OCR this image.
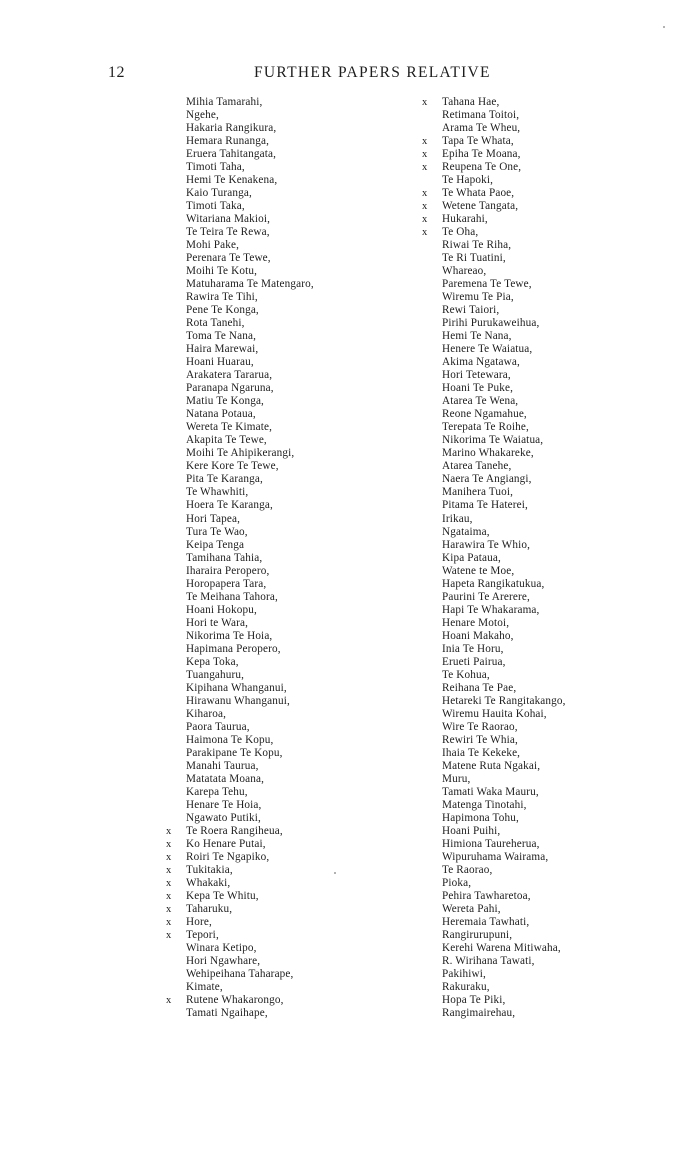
12	FURTHER PAPERS RELATIVE
Mihia Tamarahi,
Ngehe,
Hakaria Rangikura,
Hemara Runanga,
Eruera Tahitangata,
Timoti Taha,
Hemi Te Kenakena,
Kaio Turanga,
Timoti Taka,
Witariana Makioi,
Te Teira Te Rewa,
Mohi Pake,
Perenara Te Tewe,
Moihi Te Kotu,
Matuharama Te Matengaro,
Rawira Te Tihi,
Pene Te Konga,
Rota Tanehi,
Toma Te Nana,
Haira Marewai,
Hoani Huarau,
Arakatera Tararua,
Paranapa Ngaruna,
Matiu Te Konga,
Natana Potaua,
Wereta Te Kimate,
Akapita Te Tewe,
Moihi Te Ahipikerangi,
Kere Kore Te Tewe,
Pita Te Karanga,
Te Whawhiti,
Hoera Te Karanga,
Hori Tapea,
Tura Te Wao,
Keipa Tenga
Tamihana Tahia,
Iharaira Peropero,
Horopapera Tara,
Te Meihana Tahora,
Hoani Hokopu,
Hori te Wara,
Nikorima Te Hoia,
Hapimana Peropero,
Kepa Toka,
Tuangahuru,
Kipihana Whanganui,
Hirawanu Whanganui,
Kiharoa,
Paora Taurua,
Haimona Te Kopu,
Parakipane Te Kopu,
Manahi Taurua,
Matatata Moana,
Karepa Tehu,
Henare Te Hoia,
Ngawato Putiki,
x	Te Roera Rangiheua,
x	Ko Henare Putai,
x	Roiri Te Ngapiko,
x	Tukitakia,
x	Whakaki,
x	Kepa Te Whitu,
x	Taharuku,
x	Hore,
x	Tepori,
Winara Ketipo,
Hori Ngawhare,
Wehipeihana Taharape,
Kimate,
x	Rutene Whakarongo,
Tamati Ngaihape,
x	Tahana Hae,
Retimana Toitoi,
Arama Te Wheu,
x	Tapa Te Whata,
x	Epiha Te Moana,
x	Reupena Te One,
Te Hapoki,
x	Te Whata Paoe,
x	Wetene Tangata,
x	Hukarahi,
x	Te Oha,
Riwai Te Riha,
Te Ri Tuatini,
Whareao,
Paremena Te Tewe,
Wiremu Te Pia,
Rewi Taiori,
Pirihi Purukaweihua,
Hemi Te Nana,
Henere Te Waiatua,
Akima Ngatawa,
Hori Tetewara,
Hoani Te Puke,
Atarea Te Wena,
Reone Ngamahue,
Terepata Te Roihe,
Nikorima Te Waiatua,
Marino Whakareke,
Atarea Tanehe,
Naera Te Angiangi,
Manihera Tuoi,
Pitama Te Haterei,
Irikau,
Ngataima,
Harawira Te Whio,
Kipa Pataua,
Watene te Moe,
Hapeta Rangikatukua,
Paurini Te Arerere,
Hapi Te Whakarama,
Henare Motoi,
Hoani Makaho,
Inia Te Horu,
Erueti Pairua,
Te Kohua,
Reihana Te Pae,
Hetareki Te Rangitakango,
Wiremu Hauita Kohai,
Wire Te Raorao,
Rewiri Te Whia,
Ihaia Te Kekeke,
Matene Ruta Ngakai,
Muru,
Tamati Waka Mauru,
Matenga Tinotahi,
Hapimona Tohu,
Hoani Puihi,
Himiona Taureherua,
Wipuruhama Wairama,
Te Raorao,
Pioka,
Pehira Tawharetoa,
Wereta Pahi,
Heremaia Tawhati,
Rangirurupuni,
Kerehi Warena Mitiwaha,
R. Wirihana Tawati,
Pakihiwi,
Rakuraku,
Hopa Te Piki,
Rangimairehau,
